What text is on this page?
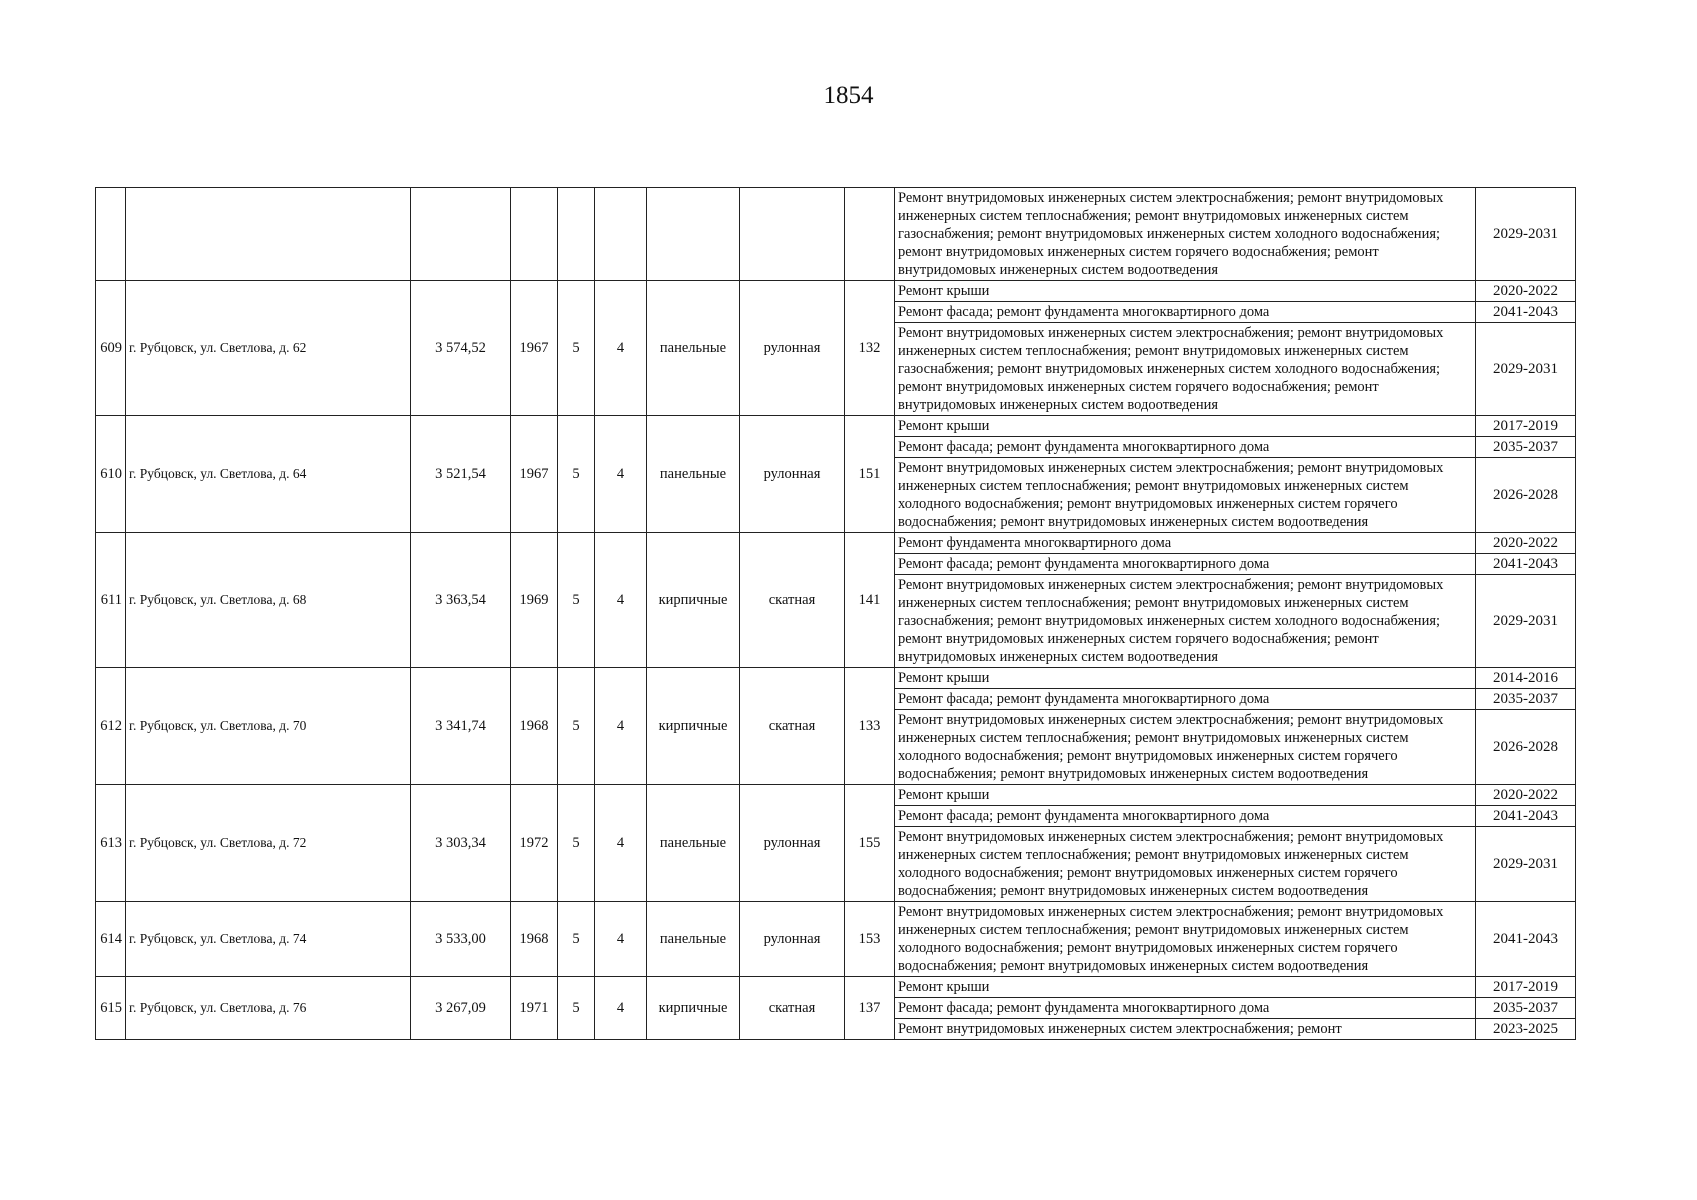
1854
									Ремонт внутридомовых инженерных систем электроснабжения; ремонт внутридомовых инженерных систем теплоснабжения; ремонт внутридомовых инженерных систем газоснабжения; ремонт внутридомовых инженерных систем холодного водоснабжения; ремонт внутридомовых инженерных систем горячего водоснабжения; ремонт внутридомовых инженерных систем водоотведения	2029-2031
609	г. Рубцовск, ул. Светлова, д. 62	3 574,52	1967	5	4	панельные	рулонная	132	Ремонт крыши	2020-2022
									Ремонт фасада; ремонт фундамента многоквартирного дома	2041-2043
									Ремонт внутридомовых инженерных систем электроснабжения; ремонт внутридомовых инженерных систем теплоснабжения; ремонт внутридомовых инженерных систем газоснабжения; ремонт внутридомовых инженерных систем холодного водоснабжения; ремонт внутридомовых инженерных систем горячего водоснабжения; ремонт внутридомовых инженерных систем водоотведения	2029-2031
610	г. Рубцовск, ул. Светлова, д. 64	3 521,54	1967	5	4	панельные	рулонная	151	Ремонт крыши	2017-2019
									Ремонт фасада; ремонт фундамента многоквартирного дома	2035-2037
									Ремонт внутридомовых инженерных систем электроснабжения; ремонт внутридомовых инженерных систем теплоснабжения; ремонт внутридомовых инженерных систем холодного водоснабжения; ремонт внутридомовых инженерных систем горячего водоснабжения; ремонт внутридомовых инженерных систем водоотведения	2026-2028
611	г. Рубцовск, ул. Светлова, д. 68	3 363,54	1969	5	4	кирпичные	скатная	141	Ремонт фундамента многоквартирного дома	2020-2022
									Ремонт фасада; ремонт фундамента многоквартирного дома	2041-2043
									Ремонт внутридомовых инженерных систем электроснабжения; ремонт внутридомовых инженерных систем теплоснабжения; ремонт внутридомовых инженерных систем газоснабжения; ремонт внутридомовых инженерных систем холодного водоснабжения; ремонт внутридомовых инженерных систем горячего водоснабжения; ремонт внутридомовых инженерных систем водоотведения	2029-2031
612	г. Рубцовск, ул. Светлова, д. 70	3 341,74	1968	5	4	кирпичные	скатная	133	Ремонт крыши	2014-2016
									Ремонт фасада; ремонт фундамента многоквартирного дома	2035-2037
									Ремонт внутридомовых инженерных систем электроснабжения; ремонт внутридомовых инженерных систем теплоснабжения; ремонт внутридомовых инженерных систем холодного водоснабжения; ремонт внутридомовых инженерных систем горячего водоснабжения; ремонт внутридомовых инженерных систем водоотведения	2026-2028
613	г. Рубцовск, ул. Светлова, д. 72	3 303,34	1972	5	4	панельные	рулонная	155	Ремонт крыши	2020-2022
									Ремонт фасада; ремонт фундамента многоквартирного дома	2041-2043
									Ремонт внутридомовых инженерных систем электроснабжения; ремонт внутридомовых инженерных систем теплоснабжения; ремонт внутридомовых инженерных систем холодного водоснабжения; ремонт внутридомовых инженерных систем горячего водоснабжения; ремонт внутридомовых инженерных систем водоотведения	2029-2031
614	г. Рубцовск, ул. Светлова, д. 74	3 533,00	1968	5	4	панельные	рулонная	153	Ремонт внутридомовых инженерных систем электроснабжения; ремонт внутридомовых инженерных систем теплоснабжения; ремонт внутридомовых инженерных систем холодного водоснабжения; ремонт внутридомовых инженерных систем горячего водоснабжения; ремонт внутридомовых инженерных систем водоотведения	2041-2043
615	г. Рубцовск, ул. Светлова, д. 76	3 267,09	1971	5	4	кирпичные	скатная	137	Ремонт крыши	2017-2019
									Ремонт фасада; ремонт фундамента многоквартирного дома	2035-2037
									Ремонт внутридомовых инженерных систем электроснабжения; ремонт	2023-2025
